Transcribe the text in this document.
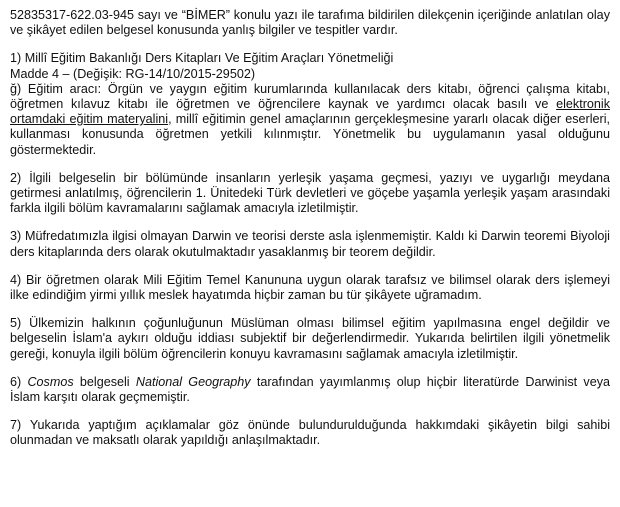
52835317-622.03-945 sayı ve “BİMER” konulu yazı ile tarafıma bildirilen dilekçenin içeriğinde anlatılan olay ve şikâyet edilen belgesel konusunda yanlış bilgiler ve tespitler vardır.

1) Millî Eğitim Bakanlığı Ders Kitapları Ve Eğitim Araçları Yönetmeliği
Madde 4 – (Değişik: RG-14/10/2015-29502)
ğ) Eğitim aracı: Örgün ve yaygın eğitim kurumlarında kullanılacak ders kitabı, öğrenci çalışma kitabı, öğretmen kılavuz kitabı ile öğretmen ve öğrencilere kaynak ve yardımcı olacak basılı ve elektronik ortamdaki eğitim materyalini, millî eğitimin genel amaçlarının gerçekleşmesine yararlı olacak diğer eserleri, kullanması konusunda öğretmen yetkili kılınmıştır. Yönetmelik bu uygulamanın yasal olduğunu göstermektedir.

2) İlgili belgeselin bir bölümünde insanların yerleşik yaşama geçmesi, yazıyı ve uygarlığı meydana getirmesi anlatılmış, öğrencilerin 1. Ünitedeki Türk devletleri ve göçebe yaşamla yerleşik yaşam arasındaki farkla ilgili bölüm kavramalarını sağlamak amacıyla izletilmiştir.

3) Müfredatımızla ilgisi olmayan Darwin ve teorisi derste asla işlenmemiştir. Kaldı ki Darwin teoremi Biyoloji ders kitaplarında ders olarak okutulmaktadır yasaklanmış bir teorem değildir.

4) Bir öğretmen olarak Mili Eğitim Temel Kanununa uygun olarak tarafsız ve bilimsel olarak ders işlemeyi ilke edindiğim yirmi yıllık meslek hayatımda hiçbir zaman bu tür şikâyete uğramadım.

5) Ülkemizin halkının çoğunluğunun Müslüman olması bilimsel eğitim yapılmasına engel değildir ve belgeselin İslam'a aykırı olduğu iddiası subjektif bir değerlendirmedir. Yukarıda belirtilen ilgili yönetmelik gereği, konuyla ilgili bölüm öğrencilerin konuyu kavramasını sağlamak amacıyla izletilmiştir.

6) Cosmos belgeseli National Geography tarafından yayımlanmış olup hiçbir literatürde Darwinist veya İslam karşıtı olarak geçmemiştir.

7) Yukarıda yaptığım açıklamalar göz önünde bulundurulduğunda hakkımdaki şikâyetin bilgi sahibi olunmadan ve maksatlı olarak yapıldığı anlaşılmaktadır.
